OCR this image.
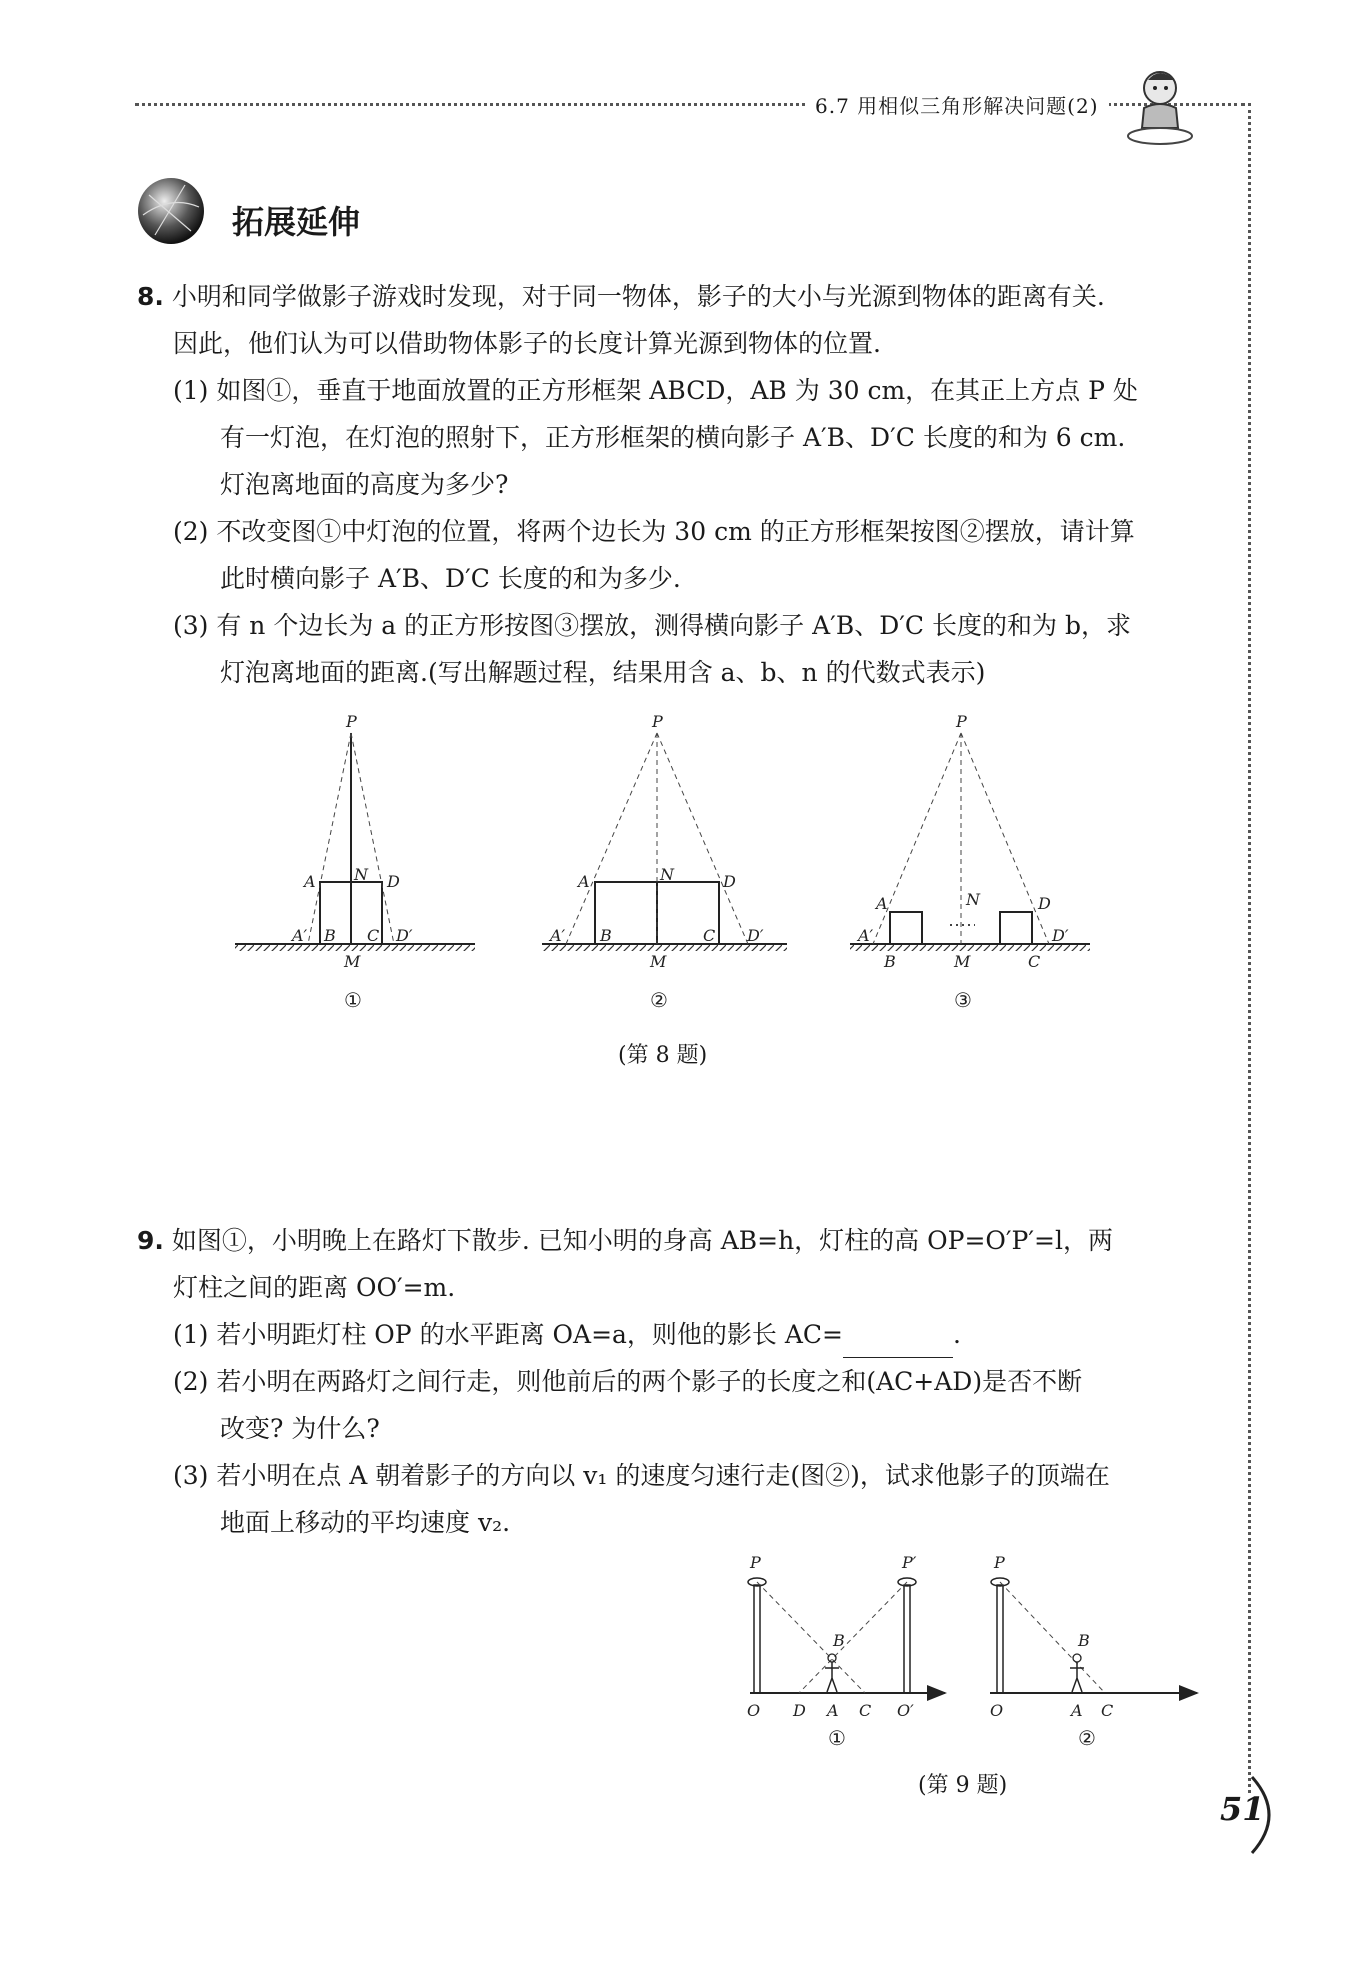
6.7 用相似三角形解决问题(2)
拓展延伸
8. 小明和同学做影子游戏时发现，对于同一物体，影子的大小与光源到物体的距离有关.
因此，他们认为可以借助物体影子的长度计算光源到物体的位置.
(1) 如图①，垂直于地面放置的正方形框架 ABCD，AB 为 30 cm，在其正上方点 P 处
有一灯泡，在灯泡的照射下，正方形框架的横向影子 A′B、D′C 长度的和为 6 cm.
灯泡离地面的高度为多少?
(2) 不改变图①中灯泡的位置，将两个边长为 30 cm 的正方形框架按图②摆放，请计算
此时横向影子 A′B、D′C 长度的和为多少.
(3) 有 n 个边长为 a 的正方形按图③摆放，测得横向影子 A′B、D′C 长度的和为 b，求
灯泡离地面的距离.(写出解题过程，结果用含 a、b、n 的代数式表示)
P
A	D
N
A′ B C D′
M
P
A	D
N
A′ B	C D′
M
P
A	D
N
A′	D′
B	M	C
①	②	③
(第 8 题)
9. 如图①，小明晚上在路灯下散步. 已知小明的身高 AB=h，灯柱的高 OP=O′P′=l，两
灯柱之间的距离 OO′=m.
(1) 若小明距灯柱 OP 的水平距离 OA=a，则他的影长 AC=	.
(2) 若小明在两路灯之间行走，则他前后的两个影子的长度之和(AC+AD)是否不断
改变? 为什么?
(3) 若小明在点 A 朝着影子的方向以 v₁ 的速度匀速行走(图②)，试求他影子的顶端在
地面上移动的平均速度 v₂.
P	P′
B
O D A C O′
P
B
O	A C
①	②
(第 9 题)
51
